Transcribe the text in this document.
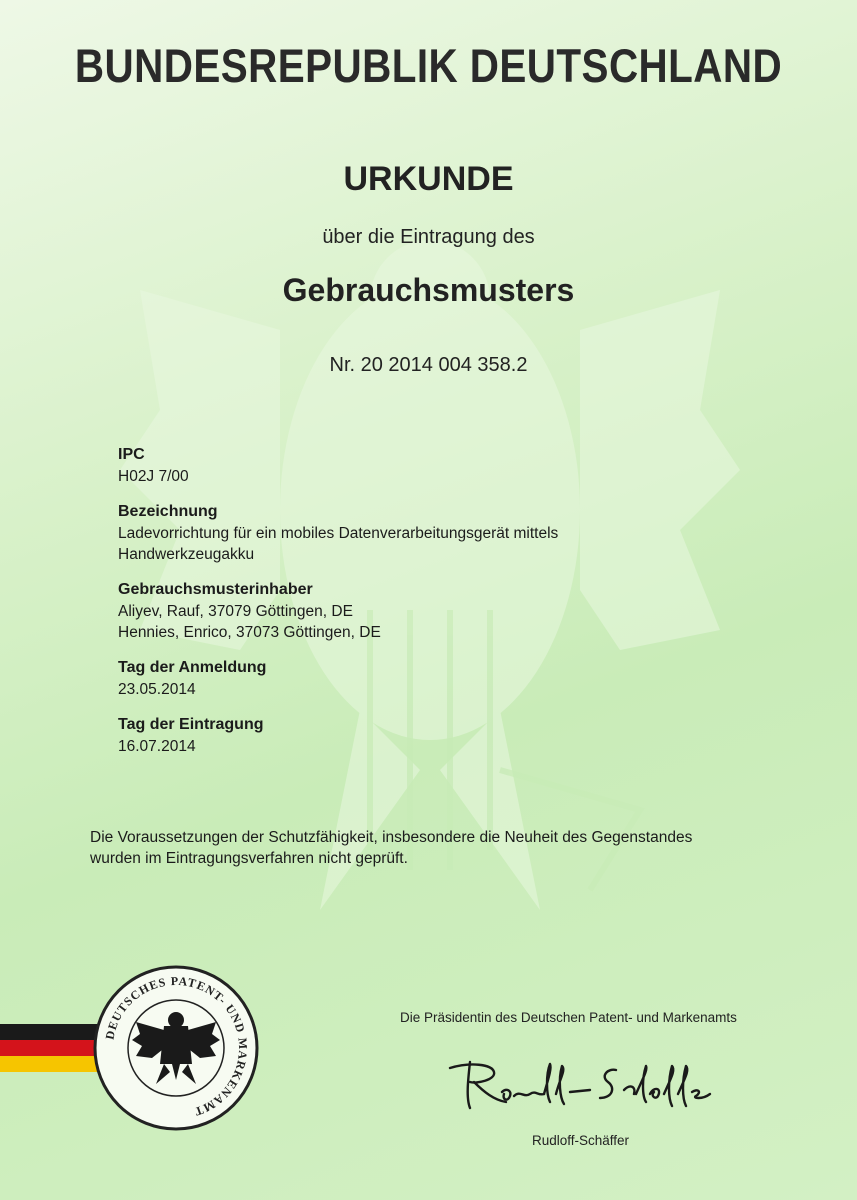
BUNDESREPUBLIK DEUTSCHLAND
URKUNDE
über die Eintragung des
Gebrauchsmusters
Nr. 20 2014 004 358.2
IPC
H02J 7/00
Bezeichnung
Ladevorrichtung für ein mobiles Datenverarbeitungsgerät mittels
Handwerkzeugakku
Gebrauchsmusterinhaber
Aliyev, Rauf, 37079 Göttingen, DE
Hennies, Enrico, 37073 Göttingen, DE
Tag der Anmeldung
23.05.2014
Tag der Eintragung
16.07.2014
Die Voraussetzungen der Schutzfähigkeit, insbesondere die Neuheit des Gegenstandes
wurden im Eintragungsverfahren nicht geprüft.
DEUTSCHES PATENT- UND MARKENAMT
Die Präsidentin des Deutschen Patent- und Markenamts
Rudloff-Schäffer
